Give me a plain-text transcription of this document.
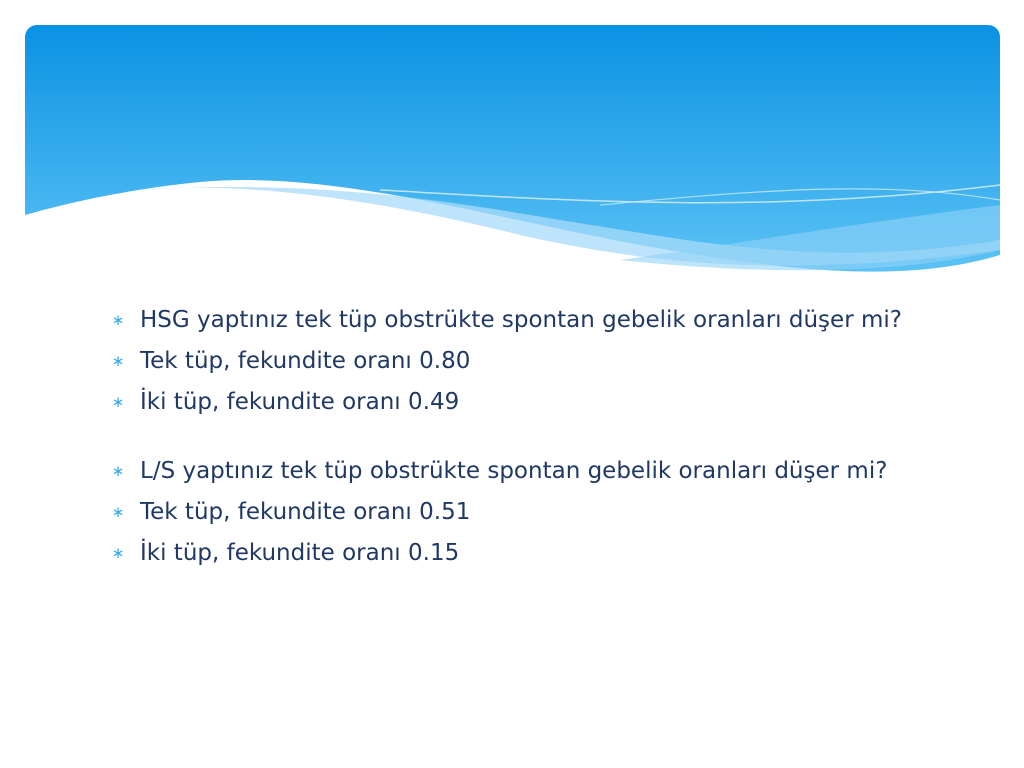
∗ HSG yaptınız tek tüp obstrükte spontan gebelik oranları düşer mi?
∗ Tek tüp, fekundite oranı 0.80
∗ İki tüp, fekundite oranı 0.49
∗ L/S yaptınız tek tüp obstrükte spontan gebelik oranları düşer mi?
∗ Tek tüp, fekundite oranı 0.51
∗ İki tüp, fekundite oranı 0.15
